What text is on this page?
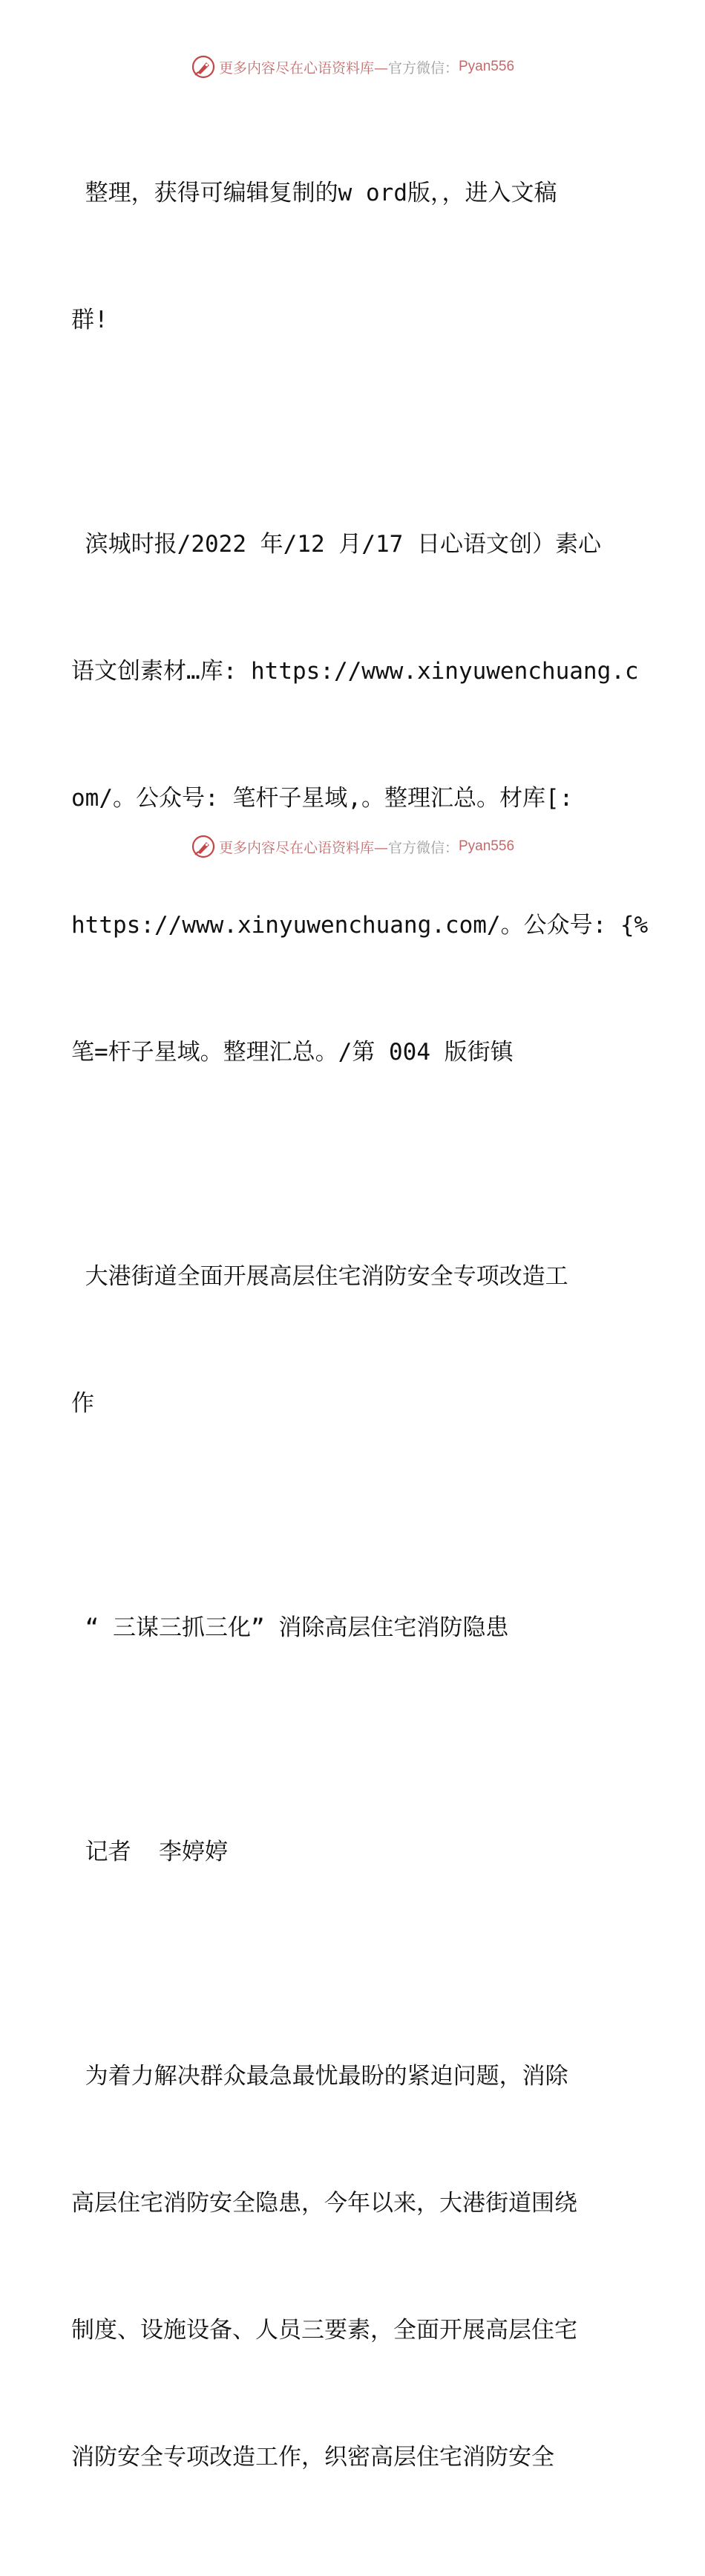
更多内容尽在心语资料库— 官方微信： Pyan556

整理，获得可编辑复制的w ord版，，进入文稿

群!

滨城时报/2022 年/12 月/17 日心语文创）素心

语文创素材…库: https://www.xinyuwenchuang.c

om/。公众号: 笔杆子星域,。整理汇总。材库[:

https://www.xinyuwenchuang.com/。公众号: {%

笔=杆子星域。整理汇总。/第 004 版街镇

大港街道全面开展高层住宅消防安全专项改造工

作

“ 三谋三抓三化” 消除高层住宅消防隐患

记者  李婷婷

为着力解决群众最急最忧最盼的紧迫问题，消除

高层住宅消防安全隐患，今年以来，大港街道围绕

制度、设施设备、人员三要素，全面开展高层住宅

消防安全专项改造工作，织密高层住宅消防安全

更多内容尽在心语资料库— 官方微信： Pyan556
